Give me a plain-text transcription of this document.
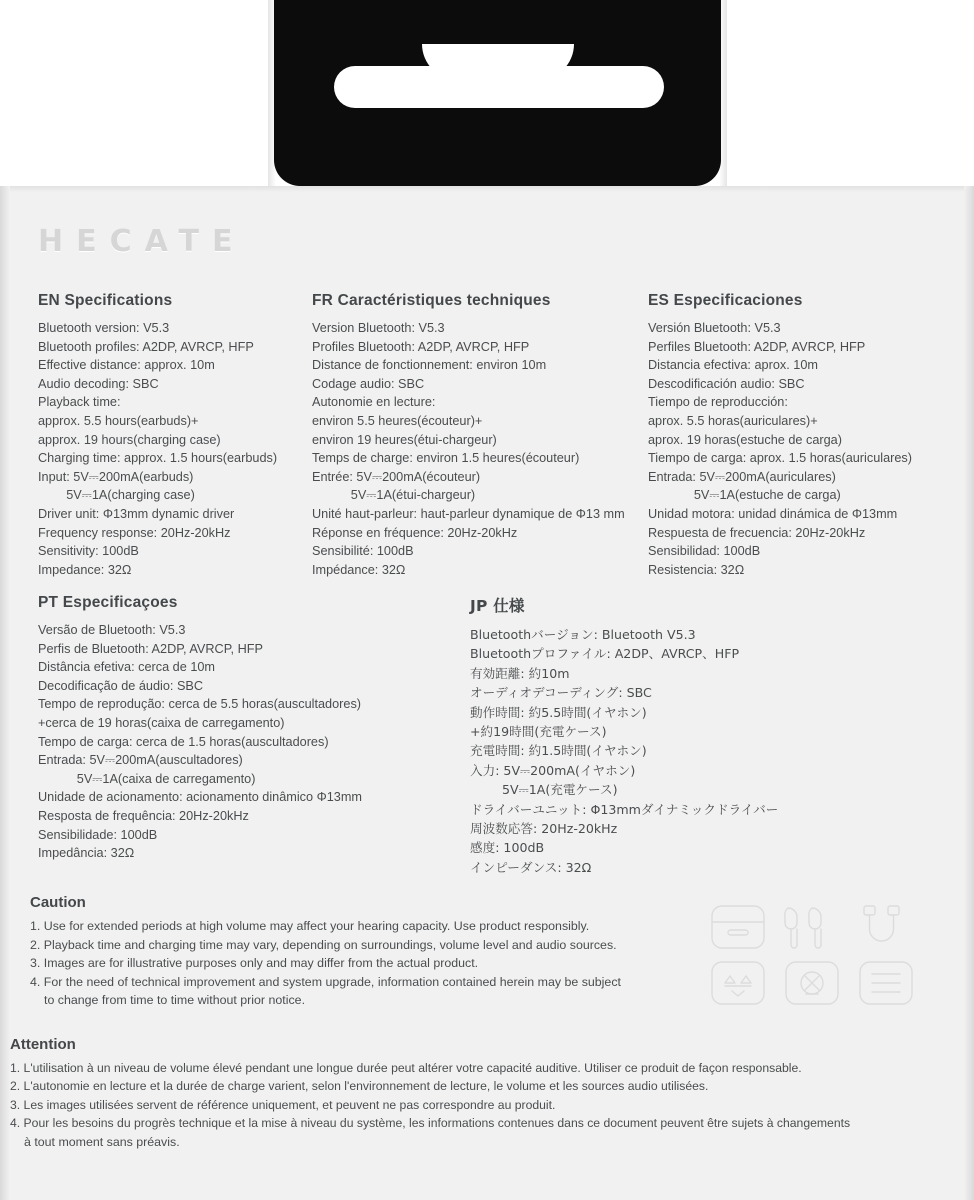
HECATE
EN Specifications
Bluetooth version: V5.3
Bluetooth profiles: A2DP, AVRCP, HFP
Effective distance: approx. 10m
Audio decoding: SBC
Playback time:
approx. 5.5 hours(earbuds)+
approx. 19 hours(charging case)
Charging time: approx. 1.5 hours(earbuds)
Input: 5V⎓200mA(earbuds)
5V⎓1A(charging case)
Driver unit: Φ13mm dynamic driver
Frequency response: 20Hz-20kHz
Sensitivity: 100dB
Impedance: 32Ω
FR Caractéristiques techniques
Version Bluetooth: V5.3
Profiles Bluetooth: A2DP, AVRCP, HFP
Distance de fonctionnement: environ 10m
Codage audio: SBC
Autonomie en lecture:
environ 5.5 heures(écouteur)+
environ 19 heures(étui-chargeur)
Temps de charge: environ 1.5 heures(écouteur)
Entrée: 5V⎓200mA(écouteur)
5V⎓1A(étui-chargeur)
Unité haut-parleur: haut-parleur dynamique de Φ13 mm
Réponse en fréquence: 20Hz-20kHz
Sensibilité: 100dB
Impédance: 32Ω
ES Especificaciones
Versión Bluetooth: V5.3
Perfiles Bluetooth: A2DP, AVRCP, HFP
Distancia efectiva: aprox. 10m
Descodificación audio: SBC
Tiempo de reproducción:
aprox. 5.5 horas(auriculares)+
aprox. 19 horas(estuche de carga)
Tiempo de carga: aprox. 1.5 horas(auriculares)
Entrada: 5V⎓200mA(auriculares)
5V⎓1A(estuche de carga)
Unidad motora: unidad dinámica de Φ13mm
Respuesta de frecuencia: 20Hz-20kHz
Sensibilidad: 100dB
Resistencia: 32Ω
PT Especificaçoes
Versão de Bluetooth: V5.3
Perfis de Bluetooth: A2DP, AVRCP, HFP
Distância efetiva: cerca de 10m
Decodificação de áudio: SBC
Tempo de reprodução: cerca de 5.5 horas(auscultadores)
+cerca de 19 horas(caixa de carregamento)
Tempo de carga: cerca de 1.5 horas(auscultadores)
Entrada: 5V⎓200mA(auscultadores)
5V⎓1A(caixa de carregamento)
Unidade de acionamento: acionamento dinâmico Φ13mm
Resposta de frequência: 20Hz-20kHz
Sensibilidade: 100dB
Impedância: 32Ω
JP 仕様
Bluetoothバージョン: Bluetooth V5.3
Bluetoothプロファイル: A2DP、AVRCP、HFP
有効距離: 約10m
オーディオデコーディング: SBC
動作時間: 約5.5時間(イヤホン)
+約19時間(充電ケース)
充電時間: 約1.5時間(イヤホン)
入力: 5V⎓200mA(イヤホン)
5V⎓1A(充電ケース)
ドライバーユニット: Φ13mmダイナミックドライバー
周波数応答: 20Hz-20kHz
感度: 100dB
インピーダンス: 32Ω
Caution
1. Use for extended periods at high volume may affect your hearing capacity. Use product responsibly.
2. Playback time and charging time may vary, depending on surroundings, volume level and audio sources.
3. Images are for illustrative purposes only and may differ from the actual product.
4. For the need of technical improvement and system upgrade, information contained herein may be subject
to change from time to time without prior notice.
Attention
1. L'utilisation à un niveau de volume élevé pendant une longue durée peut altérer votre capacité auditive. Utiliser ce produit de façon responsable.
2. L'autonomie en lecture et la durée de charge varient, selon l'environnement de lecture, le volume et les sources audio utilisées.
3. Les images utilisées servent de référence uniquement, et peuvent ne pas correspondre au produit.
4. Pour les besoins du progrès technique et la mise à niveau du système, les informations contenues dans ce document peuvent être sujets à changements
à tout moment sans préavis.
